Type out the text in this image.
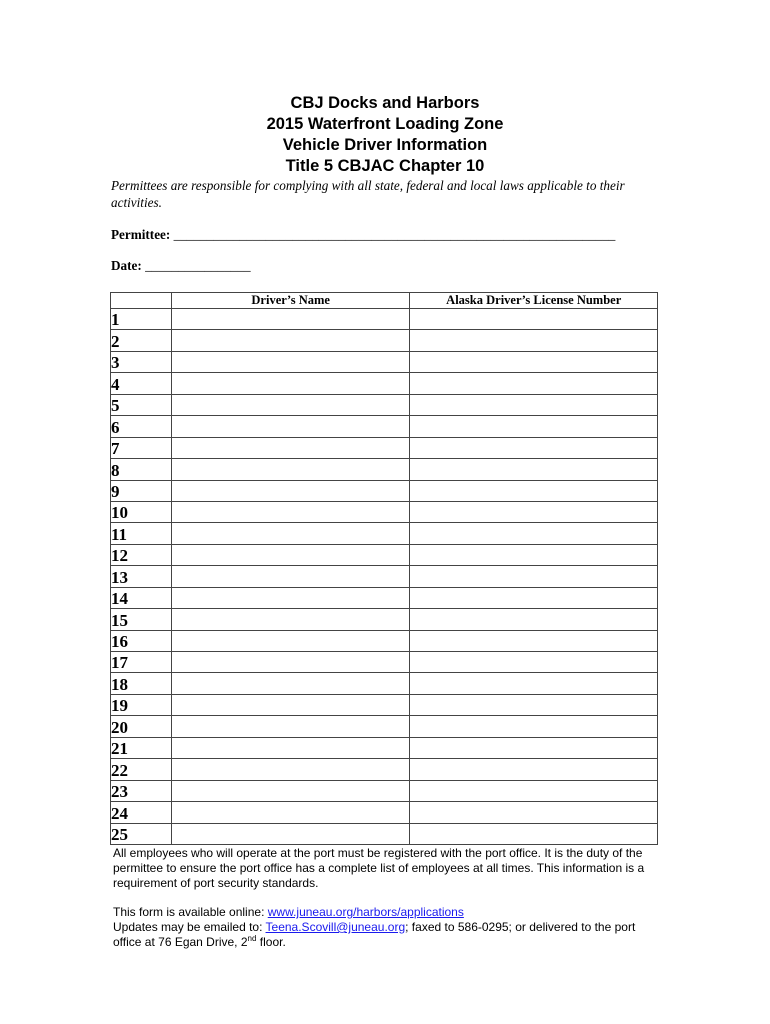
CBJ Docks and Harbors
2015 Waterfront Loading Zone
Vehicle Driver Information
Title 5 CBJAC Chapter 10
Permittees are responsible for complying with all state, federal and local laws applicable to their activities.
Permittee: ___________________________________________________________________
Date: ________________
	Driver’s Name	Alaska Driver’s License Number
1		
2		
3		
4		
5		
6		
7		
8		
9		
10		
11		
12		
13		
14		
15		
16		
17		
18		
19		
20		
21		
22		
23		
24		
25		

All employees who will operate at the port must be registered with the port office. It is the duty of the permittee to ensure the port office has a complete list of employees at all times. This information is a requirement of port security standards.

This form is available online: www.juneau.org/harbors/applications
Updates may be emailed to: Teena.Scovill@juneau.org; faxed to 586-0295; or delivered to the port office at 76 Egan Drive, 2nd floor.
